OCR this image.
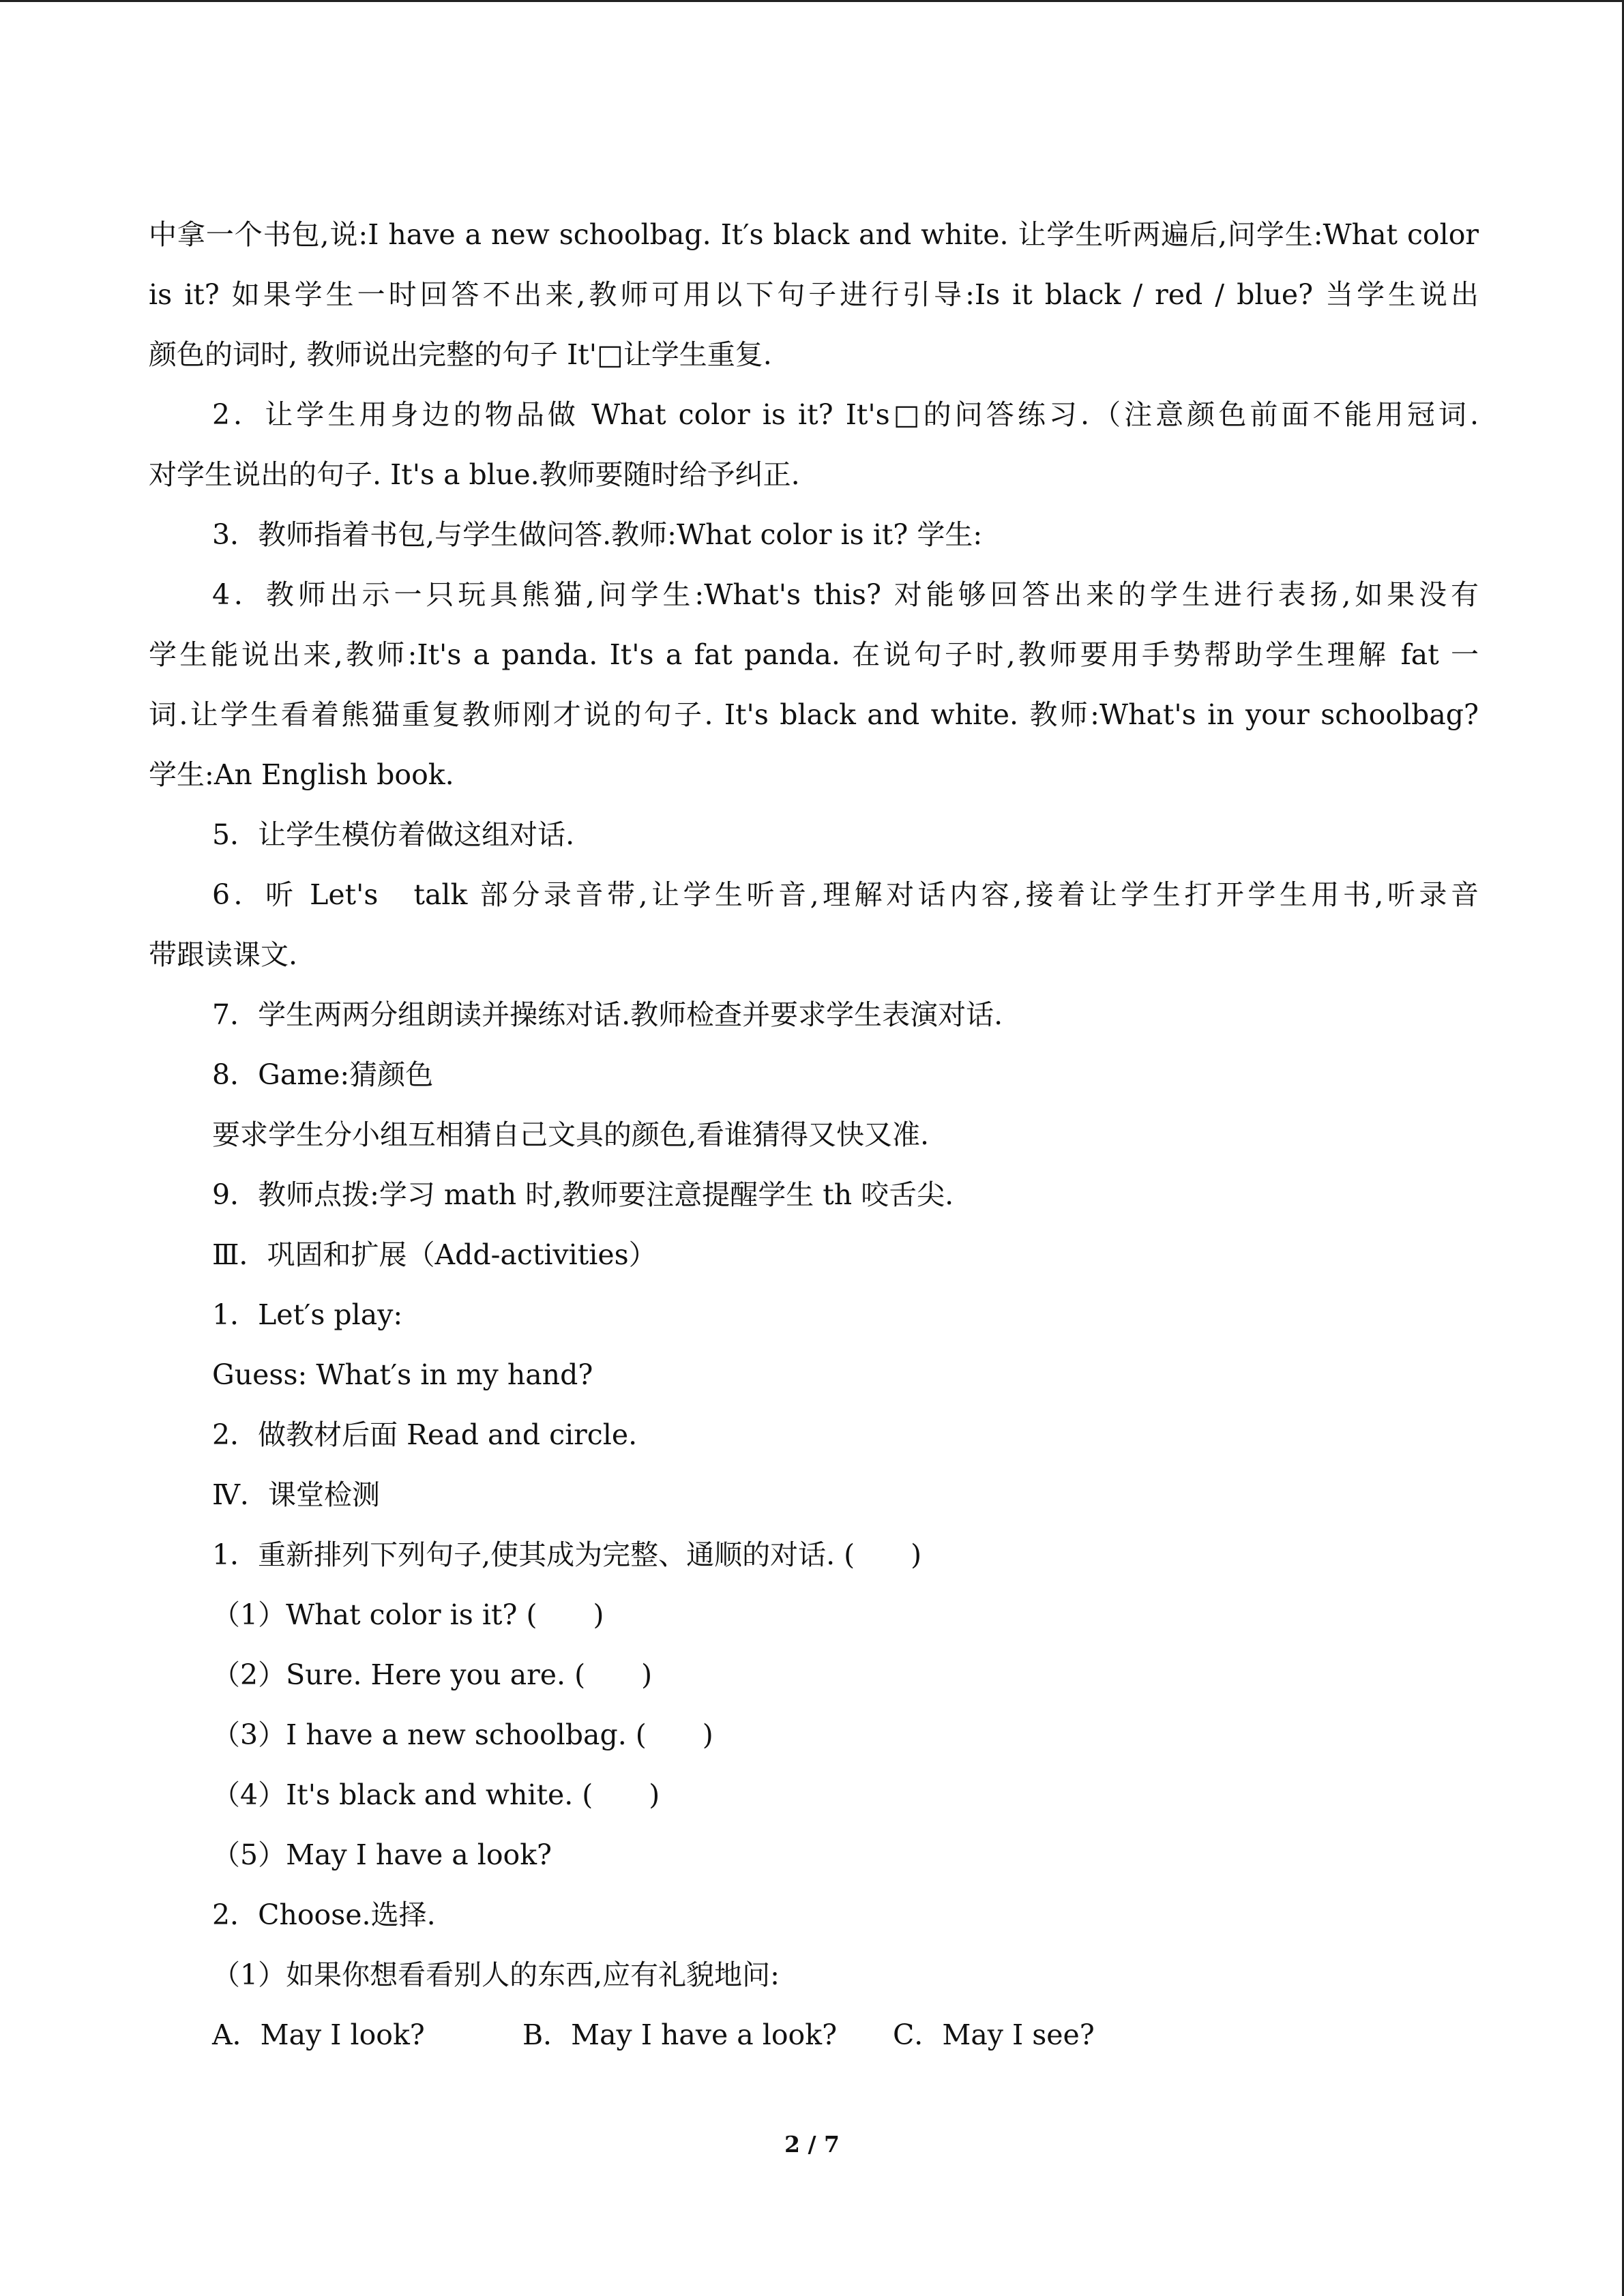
中拿一个书包,说:I have a new schoolbag. It′s black and white. 让学生听两遍后,问学生:What color
is it? 如果学生一时回答不出来,教师可用以下句子进行引导:Is it black / red / blue? 当学生说出
颜色的词时, 教师说出完整的句子 It'□让学生重复.
2．让学生用身边的物品做 What color is it? It's□的问答练习.（注意颜色前面不能用冠词.
对学生说出的句子. It's a blue.教师要随时给予纠正.
3．教师指着书包,与学生做问答.教师:What color is it? 学生:
4．教师出示一只玩具熊猫,问学生:What's this? 对能够回答出来的学生进行表扬,如果没有
学生能说出来,教师:It's a panda. It's a fat panda. 在说句子时,教师要用手势帮助学生理解 fat 一
词.让学生看着熊猫重复教师刚才说的句子. It's black and white. 教师:What's in your schoolbag?
学生:An English book.
5．让学生模仿着做这组对话.
6．听 Let's　talk 部分录音带,让学生听音,理解对话内容,接着让学生打开学生用书,听录音
带跟读课文.
7．学生两两分组朗读并操练对话.教师检查并要求学生表演对话.
8．Game:猜颜色
要求学生分小组互相猜自己文具的颜色,看谁猜得又快又准.
9．教师点拨:学习 math 时,教师要注意提醒学生 th 咬舌尖.
Ⅲ．巩固和扩展（Add-activities）
1．Let′s play:
Guess: What′s in my hand?
2．做教材后面 Read and circle.
Ⅳ．课堂检测
1．重新排列下列句子,使其成为完整、通顺的对话. (　　)
（1）What color is it? (　　)
（2）Sure. Here you are. (　　)
（3）I have a new schoolbag. (　　)
（4）It's black and white. (　　)
（5）May I have a look?
2．Choose.选择.
（1）如果你想看看别人的东西,应有礼貌地问:
A．May I look?	B．May I have a look?	C．May I see?
2 / 7
